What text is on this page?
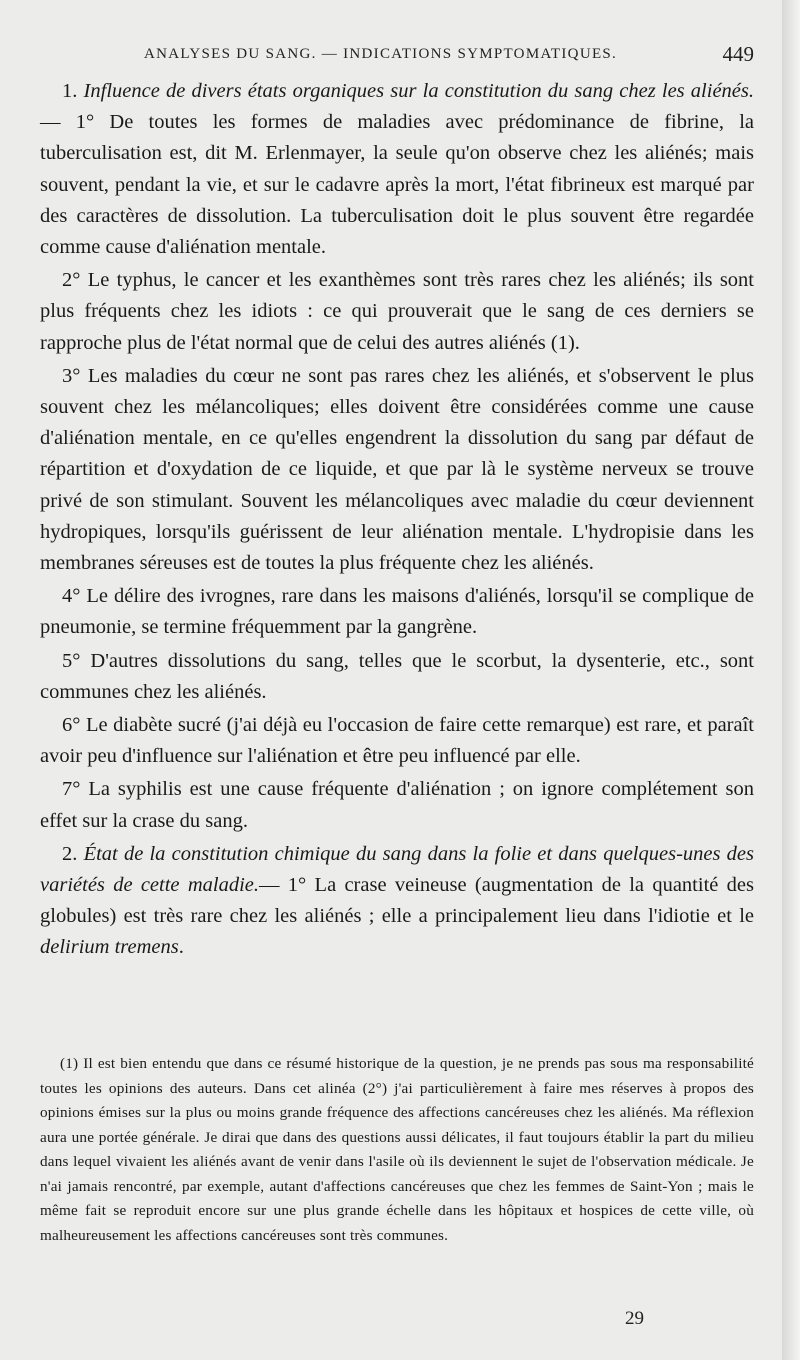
ANALYSES DU SANG. — INDICATIONS SYMPTOMATIQUES.	449

1. Influence de divers états organiques sur la constitution du sang chez les aliénés. — 1° De toutes les formes de maladies avec prédominance de fibrine, la tuberculisation est, dit M. Erlenmayer, la seule qu'on observe chez les aliénés; mais souvent, pendant la vie, et sur le cadavre après la mort, l'état fibrineux est marqué par des caractères de dissolution. La tuberculisation doit le plus souvent être regardée comme cause d'aliénation mentale.

2° Le typhus, le cancer et les exanthèmes sont très rares chez les aliénés; ils sont plus fréquents chez les idiots : ce qui prouverait que le sang de ces derniers se rapproche plus de l'état normal que de celui des autres aliénés (1).

3° Les maladies du cœur ne sont pas rares chez les aliénés, et s'observent le plus souvent chez les mélancoliques; elles doivent être considérées comme une cause d'aliénation mentale, en ce qu'elles engendrent la dissolution du sang par défaut de répartition et d'oxydation de ce liquide, et que par là le système nerveux se trouve privé de son stimulant. Souvent les mélancoliques avec maladie du cœur deviennent hydropiques, lorsqu'ils guérissent de leur aliénation mentale. L'hydropisie dans les membranes séreuses est de toutes la plus fréquente chez les aliénés.

4° Le délire des ivrognes, rare dans les maisons d'aliénés, lorsqu'il se complique de pneumonie, se termine fréquemment par la gangrène.

5° D'autres dissolutions du sang, telles que le scorbut, la dysenterie, etc., sont communes chez les aliénés.

6° Le diabète sucré (j'ai déjà eu l'occasion de faire cette remarque) est rare, et paraît avoir peu d'influence sur l'aliénation et être peu influencé par elle.

7° La syphilis est une cause fréquente d'aliénation ; on ignore complétement son effet sur la crase du sang.

2. État de la constitution chimique du sang dans la folie et dans quelques-unes des variétés de cette maladie.— 1° La crase veineuse (augmentation de la quantité des globules) est très rare chez les aliénés ; elle a principalement lieu dans l'idiotie et le delirium tremens.

(1) Il est bien entendu que dans ce résumé historique de la question, je ne prends pas sous ma responsabilité toutes les opinions des auteurs. Dans cet alinéa (2°) j'ai particulièrement à faire mes réserves à propos des opinions émises sur la plus ou moins grande fréquence des affections cancéreuses chez les aliénés. Ma réflexion aura une portée générale. Je dirai que dans des questions aussi délicates, il faut toujours établir la part du milieu dans lequel vivaient les aliénés avant de venir dans l'asile où ils deviennent le sujet de l'observation médicale. Je n'ai jamais rencontré, par exemple, autant d'affections cancéreuses que chez les femmes de Saint-Yon ; mais le même fait se reproduit encore sur une plus grande échelle dans les hôpitaux et hospices de cette ville, où malheureusement les affections cancéreuses sont très communes.

29
